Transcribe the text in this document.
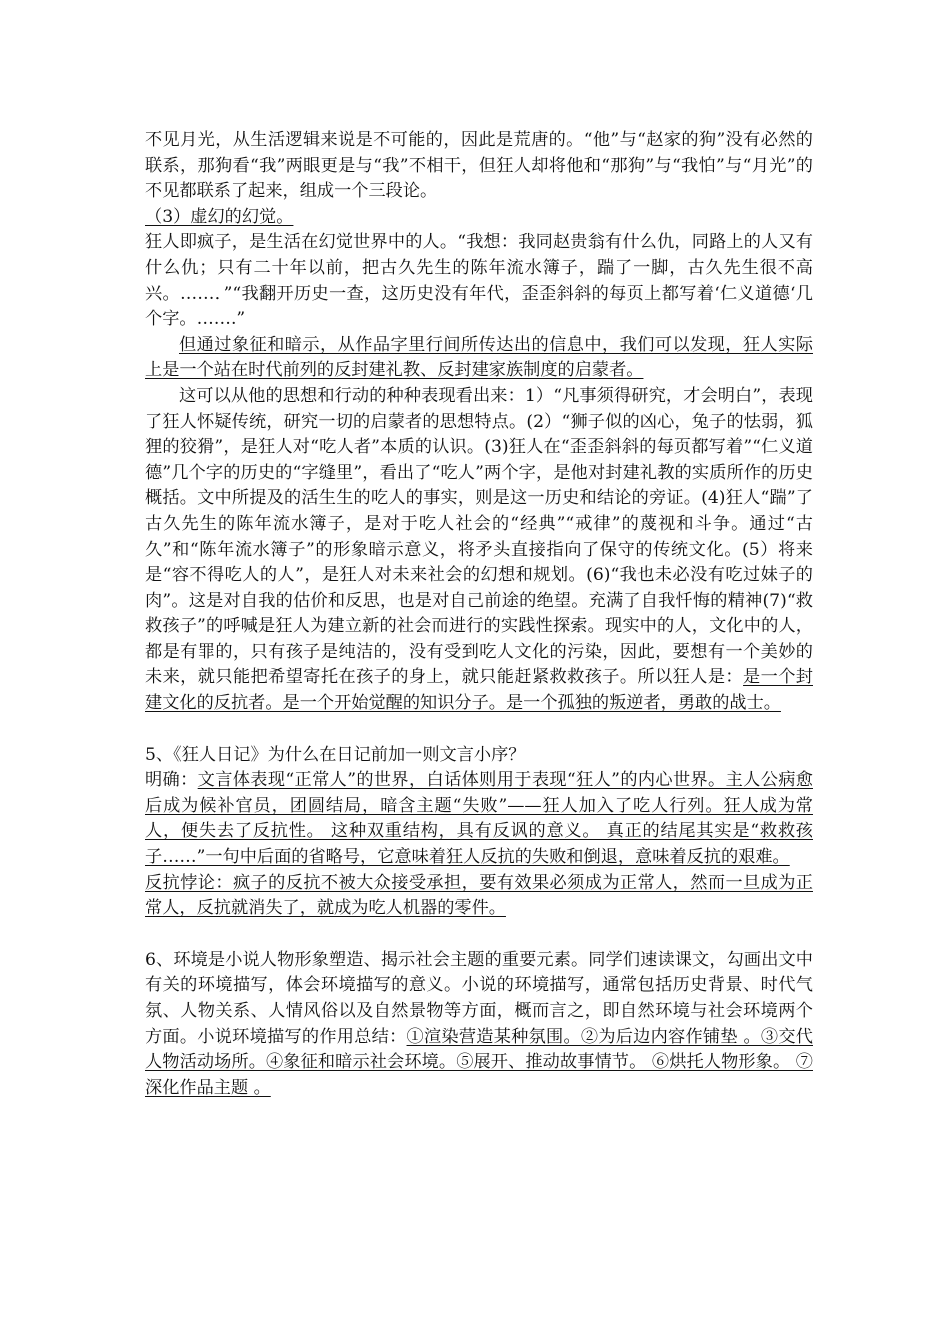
不见月光，从生活逻辑来说是不可能的，因此是荒唐的。“他”与“赵家的狗”没有必然的联系，那狗看“我”两眼更是与“我”不相干，但狂人却将他和“那狗”与“我怕”与“月光”的不见都联系了起来，组成一个三段论。

（3）虚幻的幻觉。

狂人即疯子，是生活在幻觉世界中的人。“我想：我同赵贵翁有什么仇，同路上的人又有什么仇；只有二十年以前，把古久先生的陈年流水簿子，踹了一脚，古久先生很不高兴。……．”“我翻开历史一查，这历史没有年代，歪歪斜斜的每页上都写着‘仁义道德‘几个字。…….”

但通过象征和暗示，从作品字里行间所传达出的信息中，我们可以发现，狂人实际上是一个站在时代前列的反封建礼教、反封建家族制度的启蒙者。

这可以从他的思想和行动的种种表现看出来：1）“凡事须得研究，才会明白”，表现了狂人怀疑传统，研究一切的启蒙者的思想特点。(2）“狮子似的凶心，兔子的怯弱，狐狸的狡猾”，是狂人对“吃人者”本质的认识。(3)狂人在“歪歪斜斜的每页都写着”“仁义道德”几个字的历史的“字缝里”，看出了“吃人”两个字，是他对封建礼教的实质所作的历史概括。文中所提及的活生生的吃人的事实，则是这一历史和结论的旁证。(4)狂人“踹”了古久先生的陈年流水簿子，是对于吃人社会的“经典”“戒律”的蔑视和斗争。通过“古久”和“陈年流水簿子”的形象暗示意义，将矛头直接指向了保守的传统文化。(5）将来是“容不得吃人的人”，是狂人对未来社会的幻想和规划。(6)“我也未必没有吃过妹子的肉”。这是对自我的估价和反思，也是对自己前途的绝望。充满了自我忏悔的精神(7)“救救孩子”的呼喊是狂人为建立新的社会而进行的实践性探索。现实中的人，文化中的人，都是有罪的，只有孩子是纯洁的，没有受到吃人文化的污染，因此，要想有一个美妙的未来，就只能把希望寄托在孩子的身上，就只能赶紧救救孩子。所以狂人是：是一个封建文化的反抗者。是一个开始觉醒的知识分子。是一个孤独的叛逆者，勇敢的战士。

5、《狂人日记》为什么在日记前加一则文言小序？

明确：文言体表现“正常人”的世界，白话体则用于表现“狂人”的内心世界。主人公病愈后成为候补官员，团圆结局，暗含主题“失败”——狂人加入了吃人行列。狂人成为常人，便失去了反抗性。 这种双重结构，具有反讽的意义。 真正的结尾其实是“救救孩子……”一句中后面的省略号，它意味着狂人反抗的失败和倒退，意味着反抗的艰难。

反抗悖论：疯子的反抗不被大众接受承担，要有效果必须成为正常人，然而一旦成为正常人，反抗就消失了，就成为吃人机器的零件。

6、环境是小说人物形象塑造、揭示社会主题的重要元素。同学们速读课文，勾画出文中有关的环境描写，体会环境描写的意义。小说的环境描写，通常包括历史背景、时代气氛、人物关系、人情风俗以及自然景物等方面，概而言之，即自然环境与社会环境两个方面。小说环境描写的作用总结：①渲染营造某种氛围。②为后边内容作铺垫 。③交代人物活动场所。④象征和暗示社会环境。⑤展开、推动故事情节。 ⑥烘托人物形象。 ⑦深化作品主题 。
